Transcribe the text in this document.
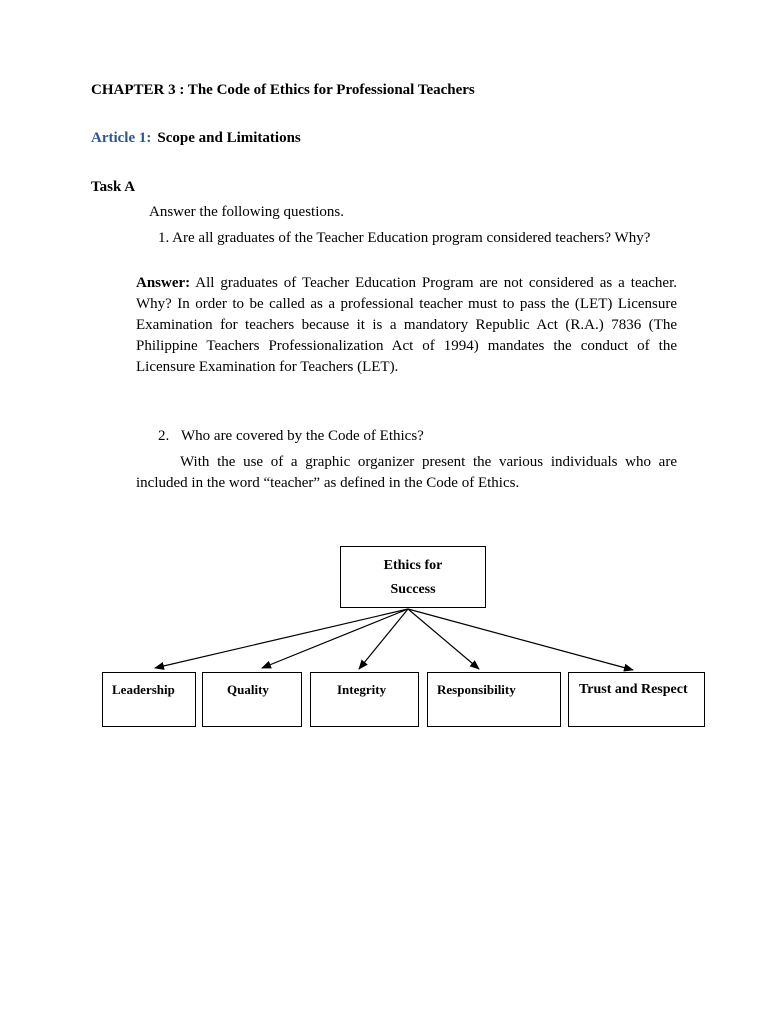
CHAPTER 3 : The Code of Ethics for Professional Teachers
Article 1: Scope and Limitations
Task A
Answer the following questions.
1. Are all graduates of the Teacher Education program considered teachers? Why?
Answer: All graduates of Teacher Education Program are not considered as a teacher. Why? In order to be called as a professional teacher must to pass the (LET) Licensure Examination for teachers because it is a mandatory Republic Act (R.A.) 7836 (The Philippine Teachers Professionalization Act of 1994) mandates the conduct of the Licensure Examination for Teachers (LET).
2. Who are covered by the Code of Ethics?
With the use of a graphic organizer present the various individuals who are included in the word “teacher” as defined in the Code of Ethics.
Ethics for
Success
Leadership	Quality	Integrity	Responsibility	Trust and Respect
